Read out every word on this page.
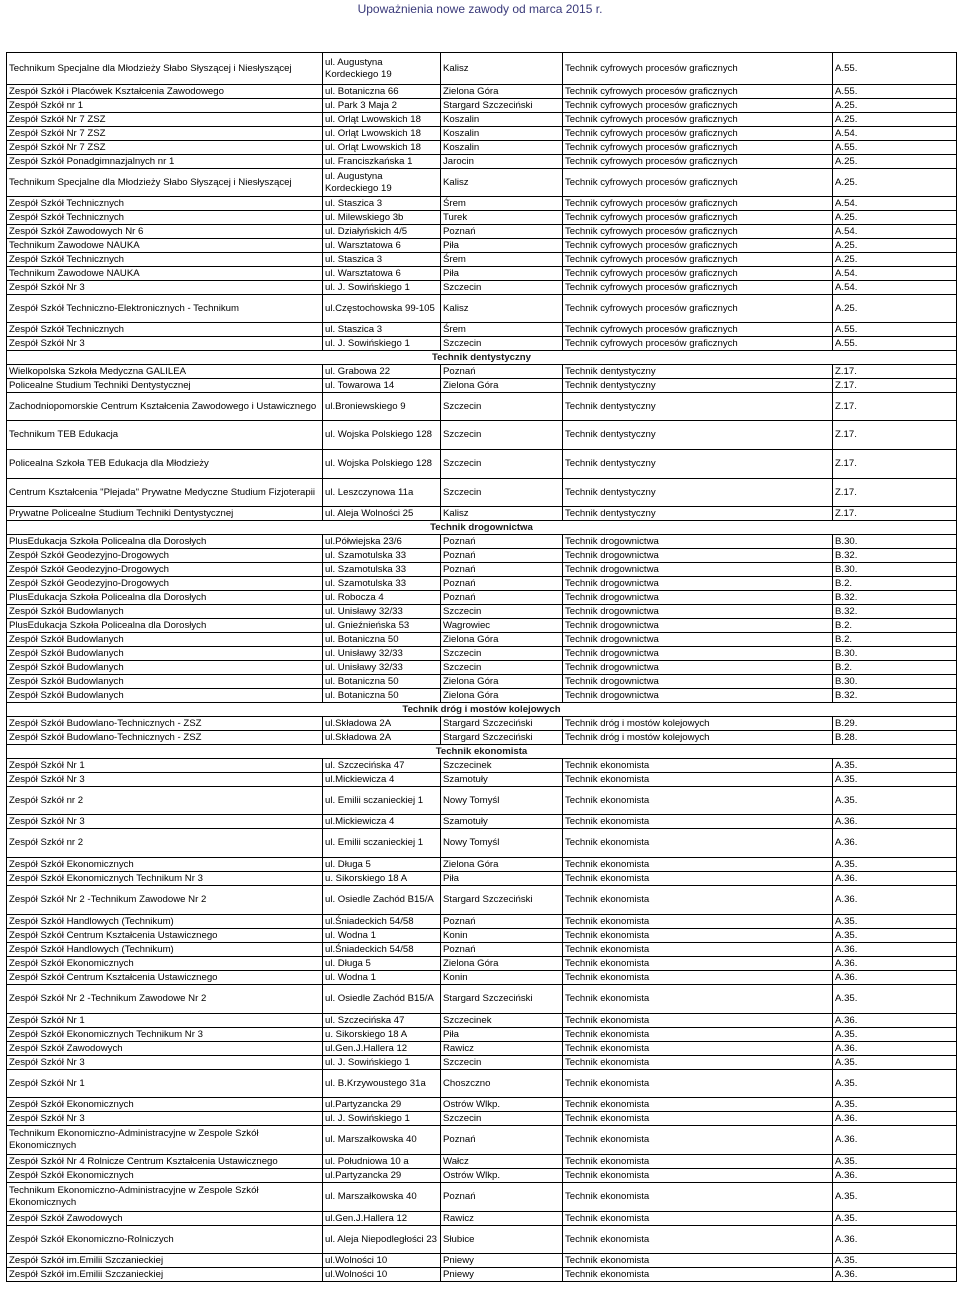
Upoważnienia nowe zawody od marca 2015 r.
Technikum Specjalne dla Młodzieży Słabo Słyszącej i Niesłyszącej	ul. Augustyna Kordeckiego 19	Kalisz	Technik cyfrowych procesów graficznych	A.55.
Zespół Szkół i Placówek Kształcenia Zawodowego	ul. Botaniczna 66	Zielona Góra	Technik cyfrowych procesów graficznych	A.55.
Zespół Szkół nr 1	ul. Park 3 Maja 2	Stargard Szczeciński	Technik cyfrowych procesów graficznych	A.25.
Zespół Szkół Nr 7 ZSZ	ul. Orląt Lwowskich 18	Koszalin	Technik cyfrowych procesów graficznych	A.25.
Zespół Szkół Nr 7 ZSZ	ul. Orląt Lwowskich 18	Koszalin	Technik cyfrowych procesów graficznych	A.54.
Zespół Szkół Nr 7 ZSZ	ul. Orląt Lwowskich 18	Koszalin	Technik cyfrowych procesów graficznych	A.55.
Zespół Szkół Ponadgimnazjalnych nr 1	ul. Franciszkańska 1	Jarocin	Technik cyfrowych procesów graficznych	A.25.
Technikum Specjalne dla Młodzieży Słabo Słyszącej i Niesłyszącej	ul. Augustyna Kordeckiego 19	Kalisz	Technik cyfrowych procesów graficznych	A.25.
Zespół Szkół Technicznych	ul. Staszica 3	Śrem	Technik cyfrowych procesów graficznych	A.54.
Zespół Szkół Technicznych	ul. Milewskiego 3b	Turek	Technik cyfrowych procesów graficznych	A.25.
Zespół Szkół Zawodowych Nr 6	ul. Działyńskich 4/5	Poznań	Technik cyfrowych procesów graficznych	A.54.
Technikum Zawodowe NAUKA	ul. Warsztatowa 6	Piła	Technik cyfrowych procesów graficznych	A.25.
Zespół Szkół Technicznych	ul. Staszica 3	Śrem	Technik cyfrowych procesów graficznych	A.25.
Technikum Zawodowe NAUKA	ul. Warsztatowa 6	Piła	Technik cyfrowych procesów graficznych	A.54.
Zespół Szkół Nr 3	ul. J. Sowińskiego 1	Szczecin	Technik cyfrowych procesów graficznych	A.54.
Zespół Szkół Techniczno-Elektronicznych - Technikum	ul.Częstochowska 99-105	Kalisz	Technik cyfrowych procesów graficznych	A.25.
Zespół Szkół Technicznych	ul. Staszica 3	Śrem	Technik cyfrowych procesów graficznych	A.55.
Zespół Szkół Nr 3	ul. J. Sowińskiego 1	Szczecin	Technik cyfrowych procesów graficznych	A.55.
Technik dentystyczny				
Wielkopolska Szkoła Medyczna GALILEA	ul. Grabowa 22	Poznań	Technik dentystyczny	Z.17.
Policealne Studium Techniki Dentystycznej	ul. Towarowa 14	Zielona Góra	Technik dentystyczny	Z.17.
Zachodniopomorskie Centrum Kształcenia Zawodowego i Ustawicznego	ul.Broniewskiego 9	Szczecin	Technik dentystyczny	Z.17.
Technikum TEB Edukacja	ul. Wojska Polskiego 128	Szczecin	Technik dentystyczny	Z.17.
Policealna Szkoła TEB Edukacja dla Młodzieży	ul. Wojska Polskiego 128	Szczecin	Technik dentystyczny	Z.17.
Centrum Kształcenia "Plejada" Prywatne Medyczne Studium Fizjoterapii	ul. Leszczynowa 11a	Szczecin	Technik dentystyczny	Z.17.
Prywatne Policealne Studium Techniki Dentystycznej	ul. Aleja Wolności 25	Kalisz	Technik dentystyczny	Z.17.
Technik drogownictwa				
PlusEdukacja Szkoła Policealna dla Dorosłych	ul.Półwiejska 23/6	Poznań	Technik drogownictwa	B.30.
Zespół Szkół Geodezyjno-Drogowych	ul. Szamotulska 33	Poznań	Technik drogownictwa	B.32.
Zespół Szkół Geodezyjno-Drogowych	ul. Szamotulska 33	Poznań	Technik drogownictwa	B.30.
Zespół Szkół Geodezyjno-Drogowych	ul. Szamotulska 33	Poznań	Technik drogownictwa	B.2.
PlusEdukacja Szkoła Policealna dla Dorosłych	ul. Robocza 4	Poznań	Technik drogownictwa	B.32.
Zespół Szkół Budowlanych	ul. Unisławy 32/33	Szczecin	Technik drogownictwa	B.32.
PlusEdukacja Szkoła Policealna dla Dorosłych	ul. Gnieźnieńska 53	Wagrowiec	Technik drogownictwa	B.2.
Zespół Szkół Budowlanych	ul. Botaniczna 50	Zielona Góra	Technik drogownictwa	B.2.
Zespół Szkół Budowlanych	ul. Unisławy 32/33	Szczecin	Technik drogownictwa	B.30.
Zespół Szkół Budowlanych	ul. Unisławy 32/33	Szczecin	Technik drogownictwa	B.2.
Zespół Szkół Budowlanych	ul. Botaniczna 50	Zielona Góra	Technik drogownictwa	B.30.
Zespół Szkół Budowlanych	ul. Botaniczna 50	Zielona Góra	Technik drogownictwa	B.32.
Technik dróg i mostów kolejowych				
Zespół Szkół Budowlano-Technicznych - ZSZ	ul.Składowa 2A	Stargard Szczeciński	Technik dróg i mostów kolejowych	B.29.
Zespół Szkół Budowlano-Technicznych - ZSZ	ul.Składowa 2A	Stargard Szczeciński	Technik dróg i mostów kolejowych	B.28.
Technik ekonomista				
Zespół Szkół Nr 1	ul. Szczecińska 47	Szczecinek	Technik ekonomista	A.35.
Zespół Szkół Nr 3	ul.Mickiewicza 4	Szamotuły	Technik ekonomista	A.35.
Zespół Szkół nr 2	ul. Emilii sczanieckiej 1	Nowy Tomyśl	Technik ekonomista	A.35.
Zespół Szkół Nr 3	ul.Mickiewicza 4	Szamotuły	Technik ekonomista	A.36.
Zespół Szkół nr 2	ul. Emilii sczanieckiej 1	Nowy Tomyśl	Technik ekonomista	A.36.
Zespół Szkół Ekonomicznych	ul. Długa 5	Zielona Góra	Technik ekonomista	A.35.
Zespół Szkół Ekonomicznych Technikum Nr 3	u. Sikorskiego 18 A	Piła	Technik ekonomista	A.36.
Zespół Szkół Nr 2 -Technikum Zawodowe Nr 2	ul. Osiedle Zachód B15/A	Stargard Szczeciński	Technik ekonomista	A.36.
Zespół Szkół Handlowych (Technikum)	ul.Śniadeckich 54/58	Poznań	Technik ekonomista	A.35.
Zespół Szkół Centrum Kształcenia Ustawicznego	ul. Wodna 1	Konin	Technik ekonomista	A.35.
Zespół Szkół Handlowych (Technikum)	ul.Śniadeckich 54/58	Poznań	Technik ekonomista	A.36.
Zespół Szkół Ekonomicznych	ul. Długa 5	Zielona Góra	Technik ekonomista	A.36.
Zespół Szkół Centrum Kształcenia Ustawicznego	ul. Wodna 1	Konin	Technik ekonomista	A.36.
Zespół Szkół Nr 2 -Technikum Zawodowe Nr 2	ul. Osiedle Zachód B15/A	Stargard Szczeciński	Technik ekonomista	A.35.
Zespół Szkół Nr 1	ul. Szczecińska 47	Szczecinek	Technik ekonomista	A.36.
Zespół Szkół Ekonomicznych Technikum Nr 3	u. Sikorskiego 18 A	Piła	Technik ekonomista	A.35.
Zespół Szkół Zawodowych	ul.Gen.J.Hallera 12	Rawicz	Technik ekonomista	A.36.
Zespół Szkół Nr 3	ul. J. Sowińskiego 1	Szczecin	Technik ekonomista	A.35.
Zespół Szkół Nr 1	ul. B.Krzywoustego 31a	Choszczno	Technik ekonomista	A.35.
Zespół Szkół Ekonomicznych	ul.Partyzancka 29	Ostrów Wlkp.	Technik ekonomista	A.35.
Zespół Szkół Nr 3	ul. J. Sowińskiego 1	Szczecin	Technik ekonomista	A.36.
Technikum Ekonomiczno-Administracyjne w Zespole Szkół Ekonomicznych	ul. Marszałkowska 40	Poznań	Technik ekonomista	A.36.
Zespół Szkół Nr 4 Rolnicze Centrum Kształcenia Ustawicznego	ul. Południowa 10 a	Wałcz	Technik ekonomista	A.35.
Zespół Szkół Ekonomicznych	ul.Partyzancka 29	Ostrów Wlkp.	Technik ekonomista	A.36.
Technikum Ekonomiczno-Administracyjne w Zespole Szkół Ekonomicznych	ul. Marszałkowska 40	Poznań	Technik ekonomista	A.35.
Zespół Szkół Zawodowych	ul.Gen.J.Hallera 12	Rawicz	Technik ekonomista	A.35.
Zespół Szkół Ekonomiczno-Rolniczych	ul. Aleja Niepodległości 23	Słubice	Technik ekonomista	A.36.
Zespół Szkół im.Emilii Szczanieckiej	ul.Wolności 10	Pniewy	Technik ekonomista	A.35.
Zespół Szkół im.Emilii Szczanieckiej	ul.Wolności 10	Pniewy	Technik ekonomista	A.36.
